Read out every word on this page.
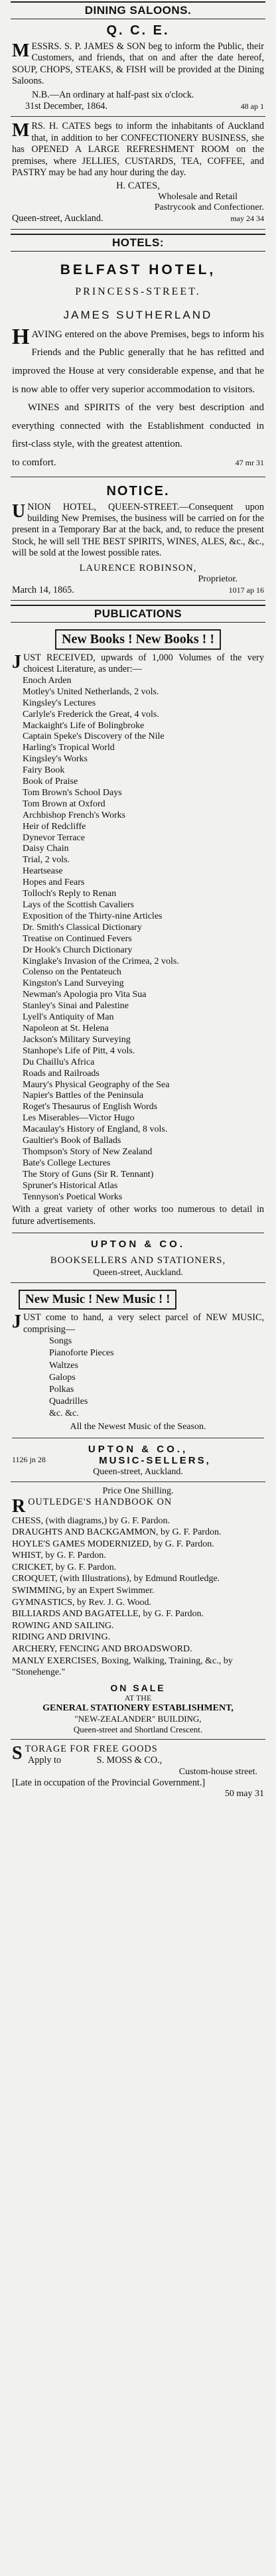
DINING SALOONS.

Q. C. E.

MESSRS. S. P. JAMES & SON beg to inform the Public, their Customers, and friends, that on and after the date hereof, SOUP, CHOPS, STEAKS, & FISH will be provided at the Dining Saloons.

N.B.—An ordinary at half-past six o'clock.

31st December, 1864.	48 ap 1

MRS. H. CATES begs to inform the inhabitants of Auckland that, in addition to her CONFECTIONERY BUSINESS, she has OPENED A LARGE REFRESHMENT ROOM on the premises, where JELLIES, CUSTARDS, TEA, COFFEE, and PASTRY may be had any hour during the day.

H. CATES,

Wholesale and Retail

Pastrycook and Confectioner.

Queen-street, Auckland.	may 24 34

HOTELS:

BELFAST HOTEL,

PRINCESS-STREET.

JAMES SUTHERLAND

HAVING entered on the above Premises, begs to inform his Friends and the Public generally that he has refitted and improved the House at very considerable expense, and that he is now able to offer very superior accommodation to visitors.

WINES and SPIRITS of the very best description and everything connected with the Establishment conducted in first-class style, with the greatest attention.

to comfort.	47 mr 31

NOTICE.

UNION HOTEL, QUEEN-STREET.—Consequent upon building New Premises, the business will be carried on for the present in a Temporary Bar at the back, and, to reduce the present Stock, he will sell THE BEST SPIRITS, WINES, ALES, &c., &c., will be sold at the lowest possible rates.

LAURENCE ROBINSON,

Proprietor.

March 14, 1865.	1017 ap 16

PUBLICATIONS
New Books ! New Books ! !

JUST RECEIVED, upwards of 1,000 Volumes of the very choicest Literature, as under:—

Enoch Arden
Motley's United Netherlands, 2 vols.
Kingsley's Lectures
Carlyle's Frederick the Great, 4 vols.
Mackaight's Life of Bolingbroke
Captain Speke's Discovery of the Nile
Harling's Tropical World
Kingsley's Works
Fairy Book
Book of Praise
Tom Brown's School Days
Tom Brown at Oxford
Archbishop French's Works
Heir of Redcliffe
Dynevor Terrace
Daisy Chain
Trial, 2 vols.
Heartsease
Hopes and Fears
Tolloch's Reply to Renan
Lays of the Scottish Cavaliers
Exposition of the Thirty-nine Articles
Dr. Smith's Classical Dictionary
Treatise on Continued Fevers
Dr Hook's Church Dictionary
Kinglake's Invasion of the Crimea, 2 vols.
Colenso on the Pentateuch
Kingston's Land Surveying
Newman's Apologia pro Vita Sua
Stanley's Sinai and Palestine
Lyell's Antiquity of Man
Napoleon at St. Helena
Jackson's Military Surveying
Stanhope's Life of Pitt, 4 vols.
Du Chaillu's Africa
Roads and Railroads
Maury's Physical Geography of the Sea
Napier's Battles of the Peninsula
Roget's Thesaurus of English Words
Les Miserables—Victor Hugo
Macaulay's History of England, 8 vols.
Gaultier's Book of Ballads
Thompson's Story of New Zealand
Bate's College Lectures
The Story of Guns (Sir R. Tennant)
Spruner's Historical Atlas
Tennyson's Poetical Works

With a great variety of other works too numerous to detail in future advertisements.

UPTON & CO.

BOOKSELLERS AND STATIONERS,

Queen-street, Auckland.

New Music ! New Music ! !

JUST come to hand, a very select parcel of NEW MUSIC, comprising—

Songs
Pianoforte Pieces
Waltzes
Galops
Polkas
Quadrilles
&c. &c.

All the Newest Music of the Season.

UPTON & CO.,

1126 jn 28	MUSIC-SELLERS,

Queen-street, Auckland.

Price One Shilling.

ROUTLEDGE'S HANDBOOK ON

CHESS, (with diagrams,) by G. F. Pardon.
DRAUGHTS AND BACKGAMMON, by G. F. Pardon.
HOYLE'S GAMES MODERNIZED, by G. F. Pardon.
WHIST, by G. F. Pardon.
CRICKET, by G. F. Pardon.
CROQUET, (with Illustrations), by Edmund Routledge.
SWIMMING, by an Expert Swimmer.
GYMNASTICS, by Rev. J. G. Wood.
BILLIARDS AND BAGATELLE, by G. F. Pardon.
ROWING AND SAILING.
RIDING AND DRIVING.
ARCHERY, FENCING AND BROADSWORD.
MANLY EXERCISES, Boxing, Walking, Training, &c., by "Stonehenge."

ON SALE

AT THE

GENERAL STATIONERY ESTABLISHMENT,

"NEW-ZEALANDER" BUILDING,

Queen-street and Shortland Crescent.

STORAGE FOR FREE GOODS

Apply to	S. MOSS & CO.,

Custom-house street.

[Late in occupation of the Provincial Government.]

50 may 31
